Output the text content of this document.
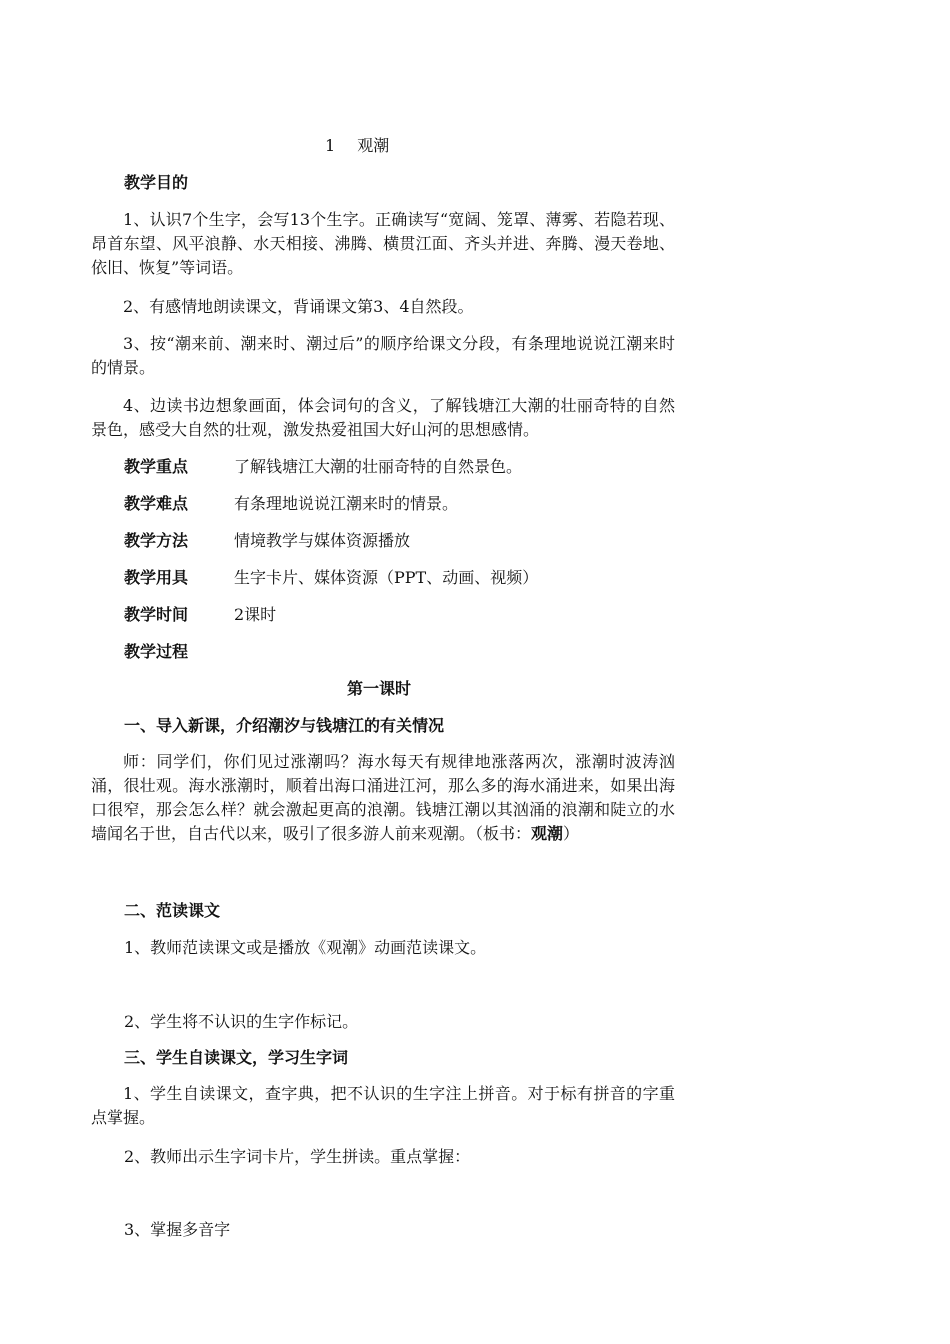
1 观潮
教学目的
1、认识7个生字，会写13个生字。正确读写“宽阔、笼罩、薄雾、若隐若现、昂首东望、风平浪静、水天相接、沸腾、横贯江面、齐头并进、奔腾、漫天卷地、依旧、恢复”等词语。
2、有感情地朗读课文，背诵课文第3、4自然段。
3、按“潮来前、潮来时、潮过后”的顺序给课文分段，有条理地说说江潮来时的情景。
4、边读书边想象画面，体会词句的含义，了解钱塘江大潮的壮丽奇特的自然景色，感受大自然的壮观，激发热爱祖国大好山河的思想感情。
教学重点	了解钱塘江大潮的壮丽奇特的自然景色。
教学难点	有条理地说说江潮来时的情景。
教学方法	情境教学与媒体资源播放
教学用具	生字卡片、媒体资源（PPT、动画、视频）
教学时间	2课时
教学过程
第一课时
一、导入新课，介绍潮汐与钱塘江的有关情况
师：同学们，你们见过涨潮吗？海水每天有规律地涨落两次，涨潮时波涛汹涌，很壮观。海水涨潮时，顺着出海口涌进江河，那么多的海水涌进来，如果出海口很窄，那会怎么样？就会激起更高的浪潮。钱塘江潮以其汹涌的浪潮和陡立的水墙闻名于世，自古代以来，吸引了很多游人前来观潮。（板书：观潮）
二、范读课文
1、教师范读课文或是播放《观潮》动画范读课文。
2、学生将不认识的生字作标记。
三、学生自读课文，学习生字词
1、学生自读课文，查字典，把不认识的生字注上拼音。对于标有拼音的字重点掌握。
2、教师出示生字词卡片，学生拼读。重点掌握：
3、掌握多音字
